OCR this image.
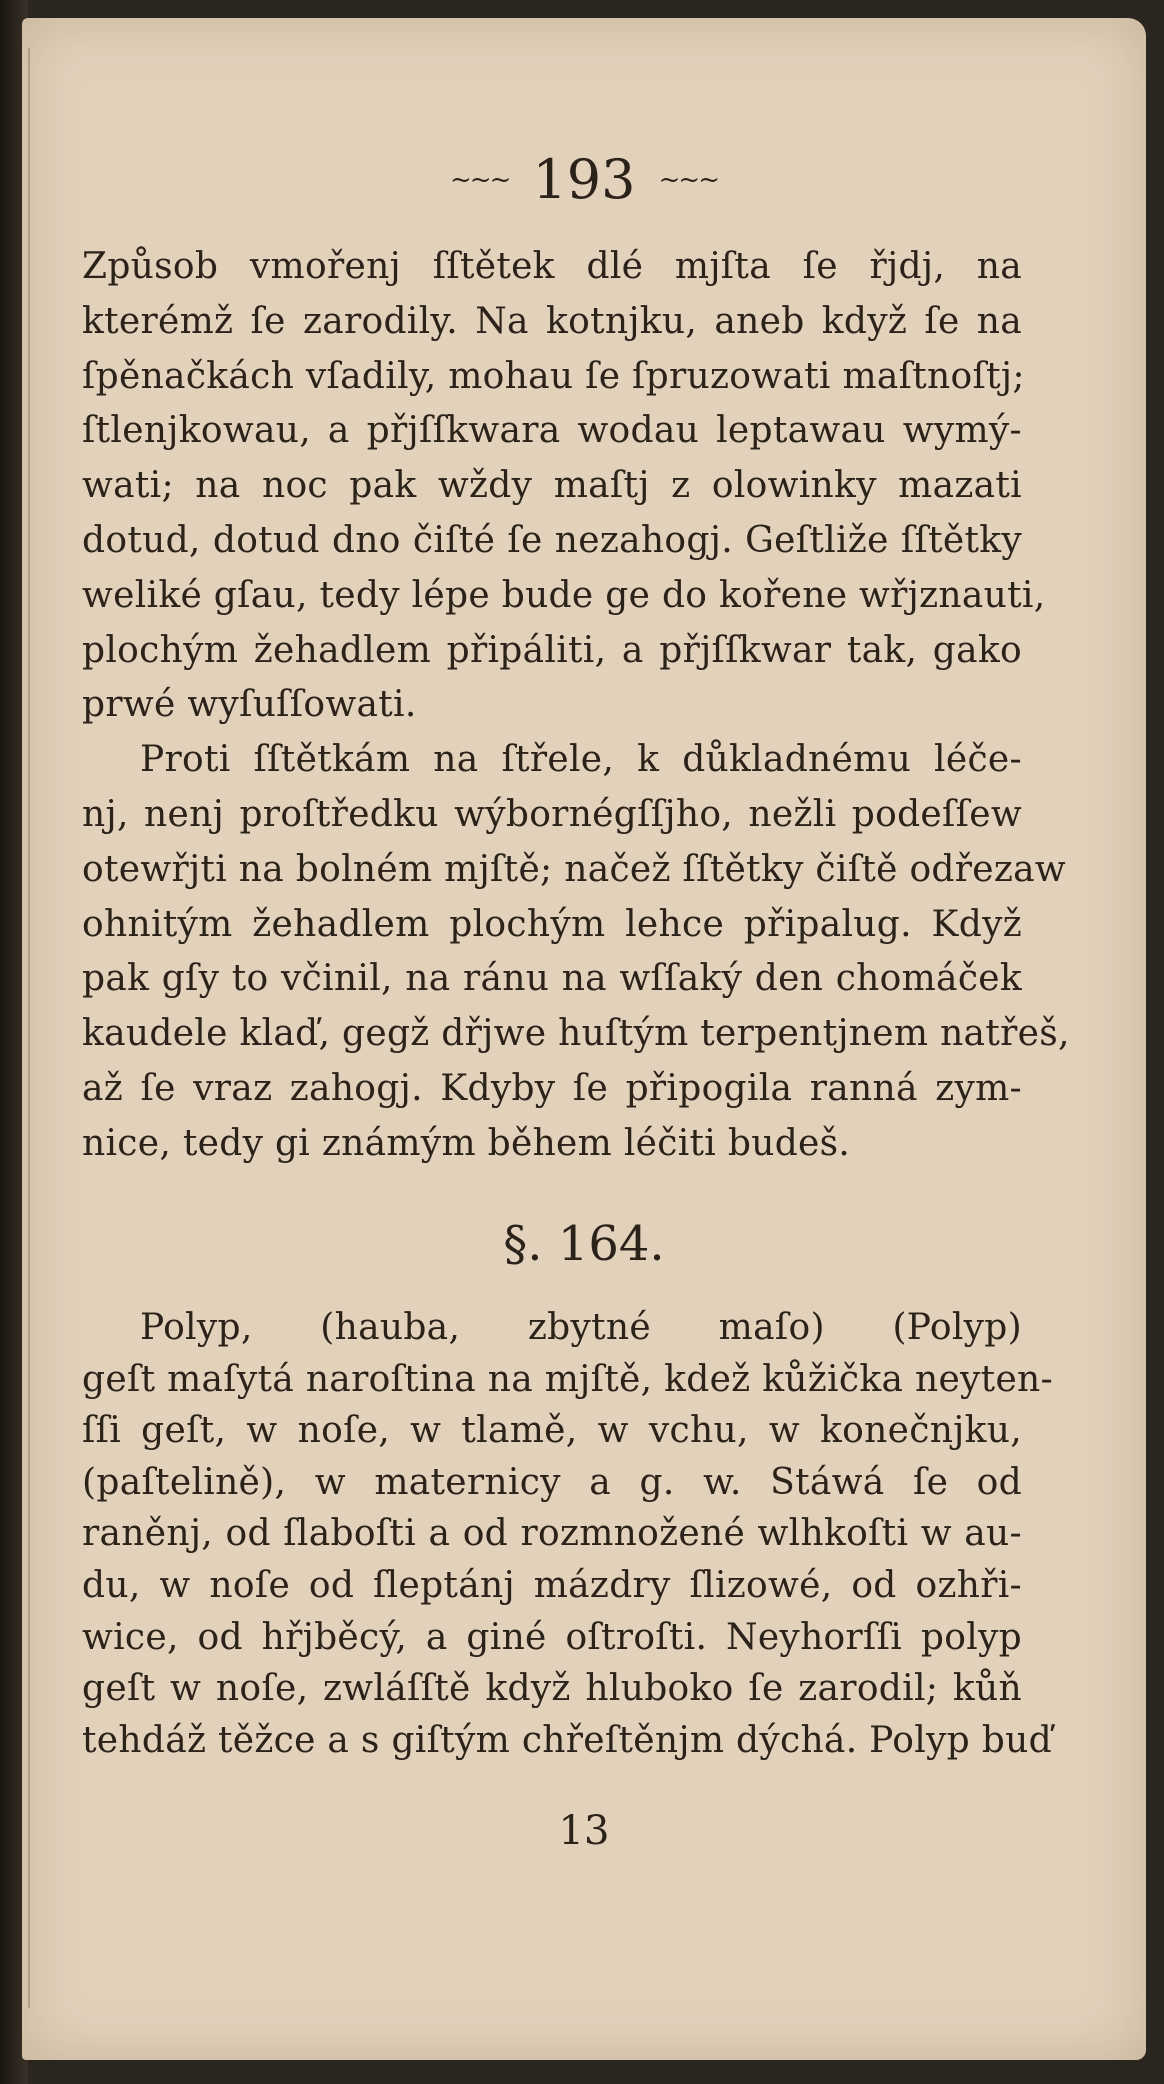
~~~ 193 ~~~
Způsob vmořenj ſſtětek dlé mjſta ſe řjdj, na
kterémž ſe zarodily. Na kotnjku, aneb když ſe na
ſpěnačkách vſadily, mohau ſe ſpruzowati maſtnoſtj;
ſtlenjkowau, a přjſſkwara wodau leptawau wymý-
wati; na noc pak wždy maſtj z olowinky mazati
dotud, dotud dno čiſté ſe nezahogj. Geſtliže ſſtětky
weliké gſau, tedy lépe bude ge do kořene wřjznauti,
plochým žehadlem připáliti, a přjſſkwar tak, gako
prwé wyſuſſowati.
Proti ſſtětkám na ſtřele, k důkladnému léče-
nj, nenj proſtředku wýbornégſſjho, nežli podeſſew
otewřjti na bolném mjſtě; načež ſſtětky čiſtě odřezaw
ohnitým žehadlem plochým lehce připalug. Když
pak gſy to včinil, na ránu na wſſaký den chomáček
kaudele klaď, gegž dřjwe huſtým terpentjnem natřeš,
až ſe vraz zahogj. Kdyby ſe připogila ranná zym-
nice, tedy gi známým během léčiti budeš.
§. 164.
Polyp, (hauba, zbytné maſo) (Polyp)
geſt maſytá naroſtina na mjſtě, kdež kůžička neyten-
ſſi geſt, w noſe, w tlamě, w vchu, w konečnjku,
(paſtelině), w maternicy a g. w. Stáwá ſe od
raněnj, od ſlaboſti a od rozmnožené wlhkoſti w au-
du, w noſe od ſleptánj mázdry ſlizowé, od ozhři-
wice, od hřjběcý, a giné oſtroſti. Neyhorſſi polyp
geſt w noſe, zwláſſtě když hluboko ſe zarodil; kůň
tehdáž těžce a s giſtým chřeſtěnjm dýchá. Polyp buď
13
